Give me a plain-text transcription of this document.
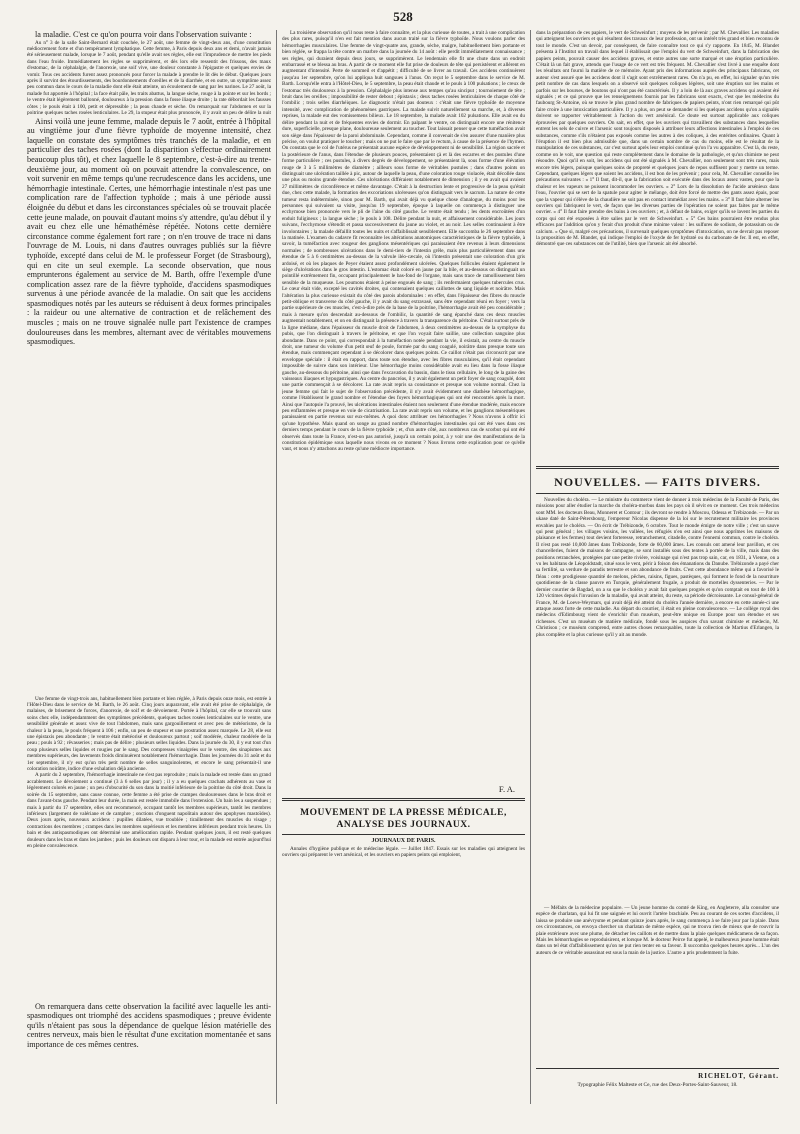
528

la maladie. C'est ce qu'on pourra voir dans l'observation suivante :

Au n° 3 de la salle Saint-Bernard était couchée, le 27 août, une femme de vingt-deux ans, d'une constitution médiocrement forte et d'un tempérament lymphatique. Cette femme, à Paris depuis deux ans et demi, n'avait jamais été sérieusement malade, lorsque le 7 août, pendant qu'elle avait ses règles, elle eut l'imprudence de mettre les pieds dans l'eau froide. Immédiatement les règles se supprimèrent, et dès lors elle ressentit des frissons, des maux d'estomac, de la céphalalgie, de l'anorexie, une soif vive, une douleur constante à l'épigastre et quelques envies de vomir. Tous ces accidents furent assez prononcés pour forcer la malade à prendre le lit dès le début. Quelques jours après il survint des étourdissements, des bourdonnements d'oreilles et de la diarrhée, et en outre, un symptôme assez peu commun dans le cours de la maladie dont elle était atteinte, un écoulement de sang par les narines. Le 27 août, la malade fut apportée à l'hôpital ; la face était pâle, les traits abattus, la langue sèche, rouge à la pointe et sur les bords ; le ventre était légèrement ballonné, douloureux à la pression dans la fosse iliaque droite ; la rate débordait les fausses côtes ; le pouls était à 100, petit et dépressible ; la peau chaude et sèche. On remarquait sur l'abdomen et sur la poitrine quelques taches rosées lenticulaires. Le 29, la stupeur était plus prononcée, il y avait un peu de délire la nuit

Ainsi voilà une jeune femme, malade depuis le 7 août, entrée à l'hôpital au vingtième jour d'une fièvre typhoïde de moyenne intensité, chez laquelle on constate des symptômes très tranchés de la maladie, et en particulier des taches rosées (dont la disparition s'effectue ordinairement beaucoup plus tôt), et chez laquelle le 8 septembre, c'est-à-dire au trente-deuxième jour, au moment où on pouvait attendre la convalescence, on voit survenir en même temps qu'une recrudescence dans les accidens, une hémorrhagie intestinale. Certes, une hémorrhagie intestinale n'est pas une complication rare de l'affection typhoïde ; mais à une période aussi éloignée du début et dans les circonstances spéciales où se trouvait placée cette jeune malade, on pouvait d'autant moins s'y attendre, qu'au début il y avait eu chez elle une hémathémèse répétée. Notons cette dernière circonstance comme également fort rare ; on n'en trouve de trace ni dans l'ouvrage de M. Louis, ni dans d'autres ouvrages publiés sur la fièvre typhoïde, excepté dans celui de M. le professeur Forget (de Strasbourg), qui en cite un seul exemple. La seconde observation, que nous emprunterons également au service de M. Barth, offre l'exemple d'une complication assez rare de la fièvre typhoïde, d'accidens spasmodiques survenus à une période avancée de la maladie. On sait que les accidens spasmodiques notés par les auteurs se réduisent à deux formes principales : la raideur ou une alternative de contraction et de relâchement des muscles ; mais on ne trouve signalée nulle part l'existence de crampes douloureuses dans les membres, alternant avec de véritables mouvemens spasmodiques.

Une femme de vingt-trois ans, habituellement bien portante et bien réglée, à Paris depuis onze mois, est entrée à l'Hôtel-Dieu dans le service de M. Barth, le 26 août. Cinq jours auparavant, elle avait été prise de céphalalgie, de malaises, de brisement de forces, d'anorexie, de soif et de dévoiement. Portée à l'hôpital, car elle se trouvait sans soins chez elle, indépendamment des symptômes précédents, quelques taches rosées lenticulaires sur le ventre, une sensibilité générale et assez vive de tout l'abdomen, mais sans gargouillement et avec peu de météorisme, de la chaleur à la peau, le pouls fréquent à 106 ; enfin, un peu de stupeur et une prostration assez marquée. Le 28, elle eut une épistaxis peu abondante ; le ventre était météorisé et douloureux partout ; soif modérée, chaleur modérée de la peau ; pouls à 92 ; rêvasseries ; mais pas de délire ; plusieurs selles liquides. Dans la journée du 30, il y eut tout d'un coup plusieurs selles liquides et rougies par le sang. Des compresses vinaigrées sur le ventre, des sinapismes aux membres supérieurs, des lavements froids diminuèrent notablement l'hémorrhagie. Dans les journées du 31 août et du 1er septembre, il n'y eut qu'un très petit nombre de selles sanguinolentes, et encore le sang présentait-il une coloration noirâtre, indice d'une exhalation déjà ancienne.

A partir du 2 septembre, l'hémorrhagie intestinale ne s'est pas reproduite ; mais la malade est restée dans un grand accablement. Le dévoiement a continué (3 à 6 selles par jour) ; il y a eu quelques crachats adhérents au vase et légèrement colorés en jaune ; un peu d'obscurité du son dans la moitié inférieure de la poitrine du côté droit. Dans la soirée du 15 septembre, sans cause connue, cette femme a été prise de crampes douloureuses dans le bras droit et dans l'avant-bras gauche. Pendant leur durée, la main est restée immobile dans l'extension. Un bain les a suspendues ; mais à partir du 17 septembre, elles ont recommencé, occupant tantôt les membres supérieurs, tantôt les membres inférieurs (largement de valériane et de camphre ; onctions d'onguent napolitain autour des apophyses mastoïdes). Deux jours après, nouveaux accidens : pupilles dilatées, vue troublée ; tiraillement des muscles du visage ; contractions des membres ; crampes dans les membres supérieurs et les membres inférieurs pendant trois heures. Un bain et des antispasmodiques ont déterminé une amélioration rapide. Pendant quelques jours, il est resté quelques douleurs dans les bras et dans les jambes ; puis les douleurs ont disparu à leur tour, et la malade est entrée aujourd'hui en pleine convalescence.

On remarquera dans cette observation la facilité avec laquelle les anti-spasmodiques ont triomphé des accidens spasmodiques ; preuve évidente qu'ils n'étaient pas sous la dépendance de quelque lésion matérielle des centres nerveux, mais bien le résultat d'une excitation momentanée et sans importance de ces mêmes centres.

La troisième observation qu'il nous reste à faire connaître, et la plus curieuse de toutes, a trait à une complication des plus rares, puisqu'il n'en est fait mention dans aucun traité sur la fièvre typhoïde. Nous voulons parler des hémorrhagies musculaires. Une femme de vingt-quatre ans, grande, sèche, maigre, habituellement bien portante et bien réglée, se frappa la tête contre un marbre dans la journée du 14 août : elle perdit immédiatement connaissance ; ses règles, qui duraient depuis deux jours, se supprimèrent. Le lendemain elle fit une chute dans un endroit embarrassé et se blessa au bras. A partir de ce moment elle fut prise de douleurs de tête qui persistèrent et allèrent en augmentant d'intensité. Perte de sommeil et d'appétit ; difficulté de se livrer au travail. Ces accidens continuèrent jusqu'au 1er septembre, qu'on lui appliqua huit sangsues à l'anus. On reçut le 5 septembre dans le service de M. Barth. Lorsqu'elle entra à l'Hôtel-Dieu, le 5 septembre, la peau était chaude et le pouls à 100 pulsations ; le creux de l'estomac très douloureux à la pression. Céphalalgie plus intense aux tempes qu'au sinciput ; tournoiement de tête ; bruit dans les oreilles ; impossibilité de rester debout ; épistaxis ; deux taches rosées lenticulaires de chaque côté de l'ombilic ; trois selles diarrhéiques. Le diagnostic n'était pas douteux : c'était une fièvre typhoïde de moyenne intensité, avec complication de phénomènes gastriques. La malade suivit naturellement sa marche, et, à diverses reprises, la malade eut des vomissemens bilieux. Le 18 septembre, la malade avait 102 pulsations. Elle avait eu du délire pendant la nuit et de fréquentes envies de dormir. En palpant le ventre, on distinguait encore une rénitence dure, superficielle, presque plane, douloureuse seulement au toucher. Tout laissait penser que cette tuméfaction avait son siège dans l'épaisseur de la paroi abdominale. Cependant, comme il convenait de s'en assurer d'une manière plus précise, on voulut pratiquer le toucher ; mais on ne put le faire que par le rectum, à cause de la présence de l'hymen. On constata que le col de l'utérus ne présentait aucune espèce de développement ni de sensibilité. La région sacrée et la postérieure de l'anus, dans l'étendue de plusieurs pouces, présentaient çà et là des escarres et des pustules d'une forme particulière ; ces pustules, à divers degrés de développement, se présentaient là, sous forme d'une élévation rouge de 3 à 5 millimètres de diamètre ; ailleurs sous forme de véritables pustules ; dans d'autres points on distinguait une ulcération taillée à pic, autour de laquelle la peau, d'une coloration rouge violacée, était décollée dans une plus ou moins grande étendue. Ces ulcérations différaient notablement de dimension ; il y en avait qui avaient 27 millimètres de circonférence et même davantage. C'était à la destruction lente et progressive de la peau qu'était due, chez cette malade, la formation des excoriations ulcéreuses qu'on distinguait vers le sacrum. La nature de cette tumeur resta indéterminée, sinon pour M. Barth, qui avait déjà vu quelque chose d'analogue, du moins pour les personnes qui suivaient sa visite, jusqu'au 19 septembre, époque à laquelle on commença à distinguer une ecchymose bien prononcée vers le pli de l'aine du côté gauche. Le ventre était tendu ; les dents encroûtées d'un enduit fuligineux ; la langue sèche ; le pouls à 108. Délire pendant la nuit, et affaissement considérable. Les jours suivans, l'ecchymose s'étendit et passa successivement du jaune au violet, et au noir. Les selles continuaient à être involontaires ; la malade défaillit toutes les nuits et s'affaiblissait sensiblement. Elle succomba le 26 septembre dans la matinée. L'examen du cadavre fit reconnaître les altérations anatomiques caractéristiques de la fièvre typhoïde, à savoir, la tuméfaction avec rougeur des ganglions mésentériques qui paraissaient être revenus à leurs dimensions normales ; de nombreuses ulcérations dans le demi-tiers de l'intestin grêle, mais plus particulièrement dans une étendue de 5 à 6 centimètres au-dessus de la valvule iléo-cæcale, où l'intestin présentait une coloration d'un gris ardoisé, et où les plaques de Peyer étaient assez profondément ulcérées. Quelques follicules étaient également le siège d'ulcérations dans le gros intestin. L'estomac était coloré en jaune par la bile, et au-dessous on distinguait un pointillé extrêmement fin, occupant principalement le bas-fond de l'organe, mais sans trace de ramollissement bien sensible de la muqueuse. Les poumons étaient à peine engoués de sang ; ils renfermaient quelques tubercules crus. Le cœur était vide, excepté les cavités droites, qui contenaient quelques caillottes de sang liquide et noirâtre. Mais l'altération la plus curieuse existait du côté des parois abdominales : en effet, dans l'épaisseur des fibres du muscle petit-oblique et transverse du côté gauche, il y avait du sang extravasé, sans être cependant réuni en foyer ; vers la partie supérieure de ces muscles, c'est-à-dire près de la base de la poitrine, l'hémorrhagie avait été peu considérable ; mais à mesure qu'on descendait au-dessous de l'ombilic, la quantité de sang épanché dans ces deux muscles augmentait notablement, et on en distinguait la présence à travers la transparence du péritoine. C'était surtout près de la ligne médiane, dans l'épaisseur du muscle droit de l'abdomen, à deux centimètres au-dessus de la symphyse du pubis, que l'on distinguait à travers le péritoine, et que l'on voyait faire saillie, une collection sanguine plus abondante. Dans ce point, qui correspondait à la tuméfaction notée pendant la vie, il existait, au centre du muscle droit, une tumeur du volume d'un petit œuf de poule, formée par du sang coagulé, noirâtre dans presque toute son étendue, mais commençant cependant à se décolorer dans quelques points. Ce caillot n'était pas circonscrit par une enveloppe spéciale : il était en rapport, dans toute son étendue, avec les fibres musculaires, qu'il était cependant impossible de suivre dans son intérieur. Une hémorrhagie moins considérable avait eu lieu dans la fosse iliaque gauche, au-dessous du péritoine, ainsi que dans l'excavation du bassin, dans le tissu cellulaire, le long de la gaine des vaisseaux iliaques et hypogastriques. Au centre du pancréas, il y avait également un petit foyer de sang coagulé, dont une partie commençait à se décolorer. La rate avait repris sa consistance et presque son volume normal. Chez la jeune femme qui fait le sujet de l'observation précédente, il n'y avait évidemment une diathèse hémorrhagique, comme l'établissent le grand nombre et l'étendue des foyers hémorrhagiques qui ont été rencontrés après la mort. Ainsi que l'autopsie l'a prouvé, les ulcérations intestinales étaient non seulement d'une étendue modérée, mais encore peu enflammées et presque en voie de cicatrisation. La rate avait repris son volume, et les ganglions mésentériques paraissaient en partie revenus sur eux-mêmes. A quoi donc attribuer ces hémorrhagies ? Nous n'avons à offrir ici qu'une hypothèse. Mais quand on songe au grand nombre d'hémorrhagies intestinales qui ont été vues dans ces derniers temps pendant le cours de la fièvre typhoïde ; et, d'un autre côté, aux nombreux cas de scorbut qui ont été observés dans toute la France, n'est-on pas autorisé, jusqu'à un certain point, à y voir une des manifestations de la constitution épidémique sous laquelle nous vivons en ce moment ? Nous livrons cette explication pour ce qu'elle vaut, et nous n'y attachons au reste qu'une médiocre importance.

F. A.
MOUVEMENT DE LA PRESSE MÉDICALE, ANALYSE DES JOURNAUX.
JOURNAUX DE PARIS.

Annales d'hygiène publique et de médecine légale. — Juillet 1847. Essais sur les maladies qui atteignent les ouvriers qui préparent le vert arsénical, et les ouvriers en papiers peints qui emploient,

dans la préparation de ces papiers, le vert de Schweinfurt ; moyens de les prévenir ; par M. Chevallier. Les maladies qui atteignent les ouvriers et qui résultent des travaux de leur profession, ont un intérêt très grand et bien reconnu de tout le monde. C'est un devoir, par conséquent, de faire connaître tout ce qui s'y rapporte. En 1845, M. Blandet présenta à l'Institut un travail dans lequel il établissait que l'emploi du vert de Schweinfurt, dans la fabrication des papiers peints, pouvait causer des accidens graves, et entre autres une sorte marqué et une éruption particulière. C'était là un fait grave, attendu que l'usage de ce vert est très fréquent. M. Chevallier s'est livré à une enquête dont les résultats ont fourni la matière de ce mémoire. Ayant pris des informations auprès des principaux fabricans, cet auteur s'est assuré que les accidens dont il s'agit sont extrêmement rares. On n'a pu, en effet, lui signaler qu'un très petit nombre de cas dans lesquels on a observé soit quelques coliques légères, soit une éruption sur les mains et parfois sur les bourses, de boutons qui n'ont pas été caractérisés. Il y a loin de là aux graves accidens qui avaient été signalés ; et ce qui prouve que les renseignemens fournis par les fabricans sont exacts, c'est que les médecins du faubourg St-Antoine, où se trouve le plus grand nombre de fabriques de papiers peints, n'ont rien remarqué qui pût faire croire à une intoxication particulière. Il y a plus, on peut se demander si les quelques accidens qu'on a signalés doivent se rapporter véritablement à l'action du vert arsénical. Ce doute est surtout applicable aux coliques éprouvées par quelques ouvriers. On sait, en effet, que les ouvriers qui travaillent des substances dans lesquelles entrent les sels de cuivre et l'arsenic sont toujours disposés à attribuer leurs affections intestinales à l'emploi de ces substances, comme s'ils n'étaient pas exposés comme les autres à des coliques, à des entérites ordinaires. Quant à l'éruption il est bien plus admissible que, dans un certain nombre de cas du moins, elle est le résultat de la manipulation de ces substances, car c'est surtout après leur emploi continué qu'on l'a vu apparaître. C'est là, du reste, comme on le voit, une question qui reste complètement dans le domaine de la pathologie, et qu'un chimiste ne peut résoudre. Quoi qu'il en soit, les accidens qui ont été signalés à M. Chevallier, non seulement sont très rares, mais encore très légers, puisque quelques soins de propreté et quelques jours de repos suffisent pour y mettre un terme. Cependant, quelques légers que soient les accidens, il est bon de les prévenir ; pour cela, M. Chevallier conseille les précautions suivantes : « 1° Il faut, dit-il, que la fabrication soit exécutée dans des locaux assez vastes, pour que la chaleur et les vapeurs ne puissent incommoder les ouvriers. » 2° Lors de la dissolution de l'acide arsénieux dans l'eau, l'ouvrier qui se sert de la spatule pour agiter le mélange, doit être forcé de mettre des gants assez épais, pour que la vapeur qui s'élève de la chaudière ne soit pas en contact immédiat avec les mains. » 3° Il faut faire alterner les ouvriers qui fabriquent le vert, de façon que les diverses parties de l'opération ne soient pas faites par le même ouvrier. » 4° Il faut faire prendre des bains à ces ouvriers ; et, à défaut de bains, exiger qu'ils se lavent les parties du corps qui ont été exposées à être salies par le vert de Schweinfurt. » 5° Ces bains pourraient être rendus plus efficaces par l'addition qu'on y ferait d'un produit d'une minime valeur : les sulfures de sodium, de potassium ou de calcium. » Que si, malgré ces précautions, il survenait quelques symptômes d'intoxication, on ne devrait pas reposer la proposition de M. Blandet, qui indique l'emploi de l'oxyde de fer hydraté ou du carbonate de fer. Il est, en effet, démontré que ces substances ont de l'utilité, bien que l'arsenic ait été absorbé.

NOUVELLES. — FAITS DIVERS.

Nouvelles du choléra. — Le ministre du commerce vient de donner à trois médecins de la Faculté de Paris, des missions pour aller étudier la marche du choléra-morbus dans les pays où il sévit en ce moment. Ces trois médecins sont MM. les docteurs Beau, Monneret et Contour ; ils devront se rendre à Moscou, Odessa et Trébizonde. — Par un ukase daté de Saint-Pétersbourg, l'empereur Nicolas dispense de la loi sur le recrutement militaire les provinces envahies par le choléra. — On écrit de Trébizonde, 6 octobre. Tout le monde émigre de notre ville ; c'est un sauve qui peut général ; les villages voisins, les vallées, les réfugiés n'en est ainsi que nous apprîmes les maisons de plaisance et les fermes) tout devient forteresse, retranchement, citadelle, contre l'ennemi commun, contre le choléra. Il n'est pas resté 10,000 âmes dans Trébizonde, forte de 60,000 âmes. Les consuls ont amené leur pavillon, et ces chancelleries, fuient de maisons de campagne, se sont installés sous des tentes à portée de la ville, mais dans des positions retranchées, protégées par une petite rivière, voisinage qui n'est pas trop sain, car, en 1831, à Vienne, on a vu les habitans de Léopoldstadt, situé sous le vent, périr à foison des émanations du Danube. Trébizonde a payé cher sa fertilité, sa verdure de paradis terrestre et son abondance de fruits. C'est cette abondance même qui a favorisé le fléau : cette prodigieuse quantité de melons, pêches, raisins, figues, pastèques, qui forment le fond de la nourriture quotidienne de la classe pauvre en Turquie, généralement frugale, a produit de mortelles dyssenteries. — Par le dernier courrier de Bagdad, on a su que le choléra y avait fait quelques progrès et qu'on comptait en tout de 100 à 120 victimes depuis l'invasion de la maladie, qui avait atteint, du reste, sa période décroissante. Le consul-général de France, M. de Loeve-Weymars, qui avait déjà été atteint du choléra l'année dernière, a encore eu cette année-ci une attaque assez forte de cette maladie. Au départ du courrier, il était en pleine convalescence. — Le collège royal des médecins d'Edimbourg vient de s'enrichir d'un muséum, peut-être unique en Europe pour son étendue et ses richesses. C'est un muséum de matière médicale, fondé sous les auspices d'un savant chimiste et médecin, M. Christison ; ce muséum comprend, entre autres choses remarquables, toute la collection de Martius d'Erlangen, la plus complète et la plus curieuse qu'il y ait au monde.

— Méfaits de la médecine populaire. — Un jeune homme du comté de King, en Angleterre, alla consulter une espèce de charlatan, qui lui fit une saignée et lui ouvrit l'artère brachiale. Peu au courant de ces sortes d'accidens, il laissa se produire une anévrysme et pendant quinze jours après, le sang commença à se faire jour par la plaie. Dans ces circonstances, on envoya chercher un charlatan de même espèce, qui ne trouva rien de mieux que de rouvrir la plaie extérieure avec une plume, de détacher les caillots et de mettre dans la plaie quelques médicamens de sa façon. Mais les hémorrhagies se reproduisirent, et lorsque M. le docteur Peirce fut appelé, le malheureux jeune homme était dans un tel état d'affaiblissement qu'on ne put rien tenter en sa faveur. Il succomba quelques heures après... L'un des auteurs de ce véritable assassinat est sous la main de la justice. L'autre a pris prudemment la fuite.

RICHELOT, Gérant.
Typographie Félix Malteste et Ce, rue des Deux-Portes-Saint-Sauveur, 18.
